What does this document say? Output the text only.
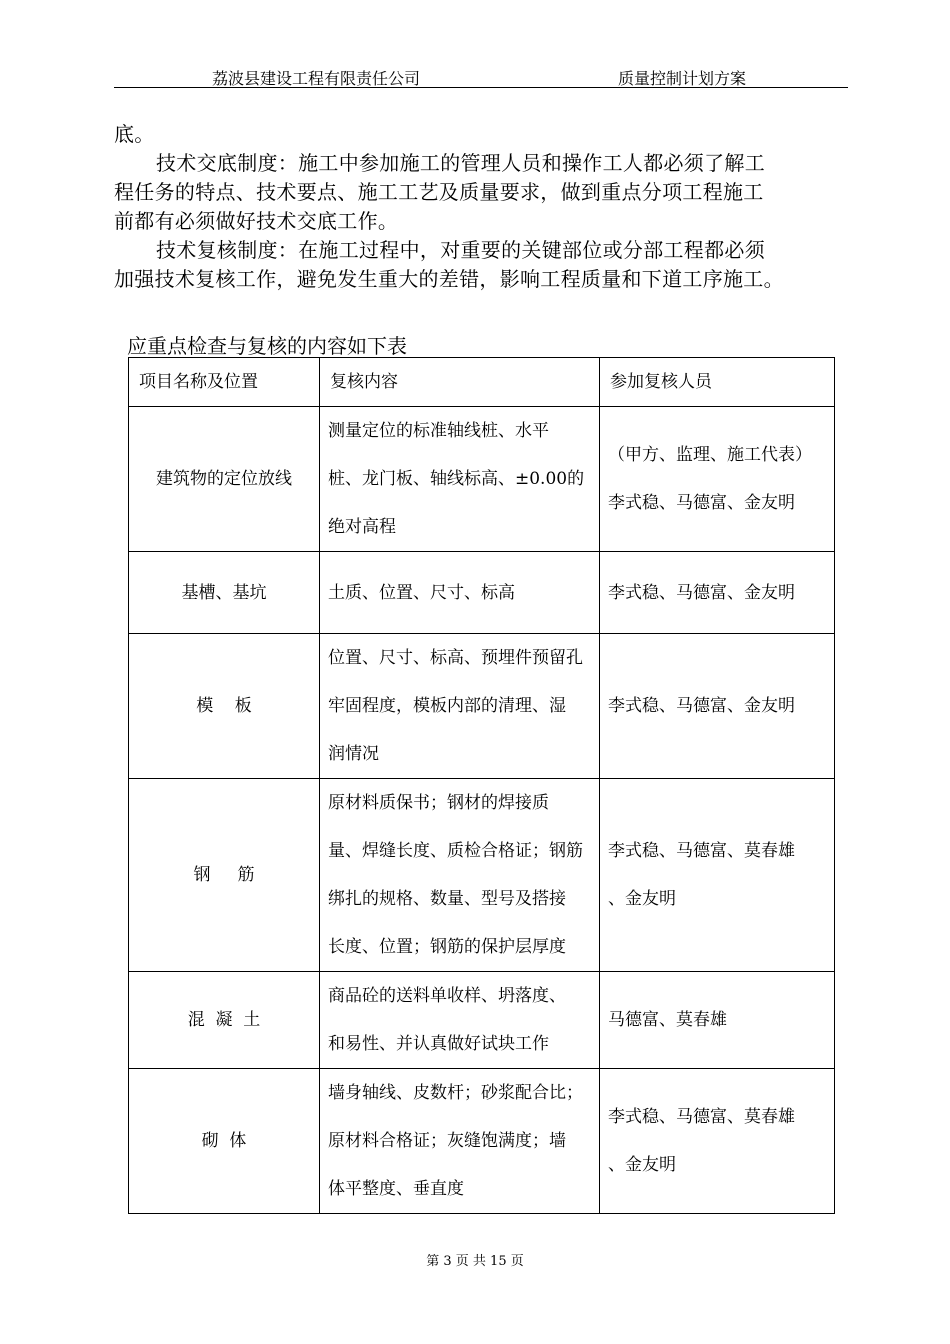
荔波县建设工程有限责任公司	质量控制计划方案

底。

技术交底制度：施工中参加施工的管理人员和操作工人都必须了解工

程任务的特点、技术要点、施工工艺及质量要求，做到重点分项工程施工

前都有必须做好技术交底工作。

技术复核制度：在施工过程中，对重要的关键部位或分部工程都必须

加强技术复核工作，避免发生重大的差错，影响工程质量和下道工序施工。

应重点检查与复核的内容如下表
项目名称及位置	复核内容	参加复核人员
建筑物的定位放线	测量定位的标准轴线桩、水平
桩、龙门板、轴线标高、±0.00的
绝对高程	（甲方、监理、施工代表）
李式稳、马德富、金友明

基槽、基坑	土质、位置、尺寸、标高	李式稳、马德富、金友明

模    板	位置、尺寸、标高、预埋件预留孔
牢固程度，模板内部的清理、湿
润情况	李式稳、马德富、金友明

钢     筋	原材料质保书；钢材的焊接质
量、焊缝长度、质检合格证；钢筋
绑扎的规格、数量、型号及搭接
长度、位置；钢筋的保护层厚度	李式稳、马德富、莫春雄
、金友明

混  凝  土	商品砼的送料单收样、坍落度、
和易性、并认真做好试块工作	马德富、莫春雄

砌  体	墙身轴线、皮数杆；砂浆配合比；
原材料合格证；灰缝饱满度；墙
体平整度、垂直度	李式稳、马德富、莫春雄
、金友明
第 3 页 共 15 页
